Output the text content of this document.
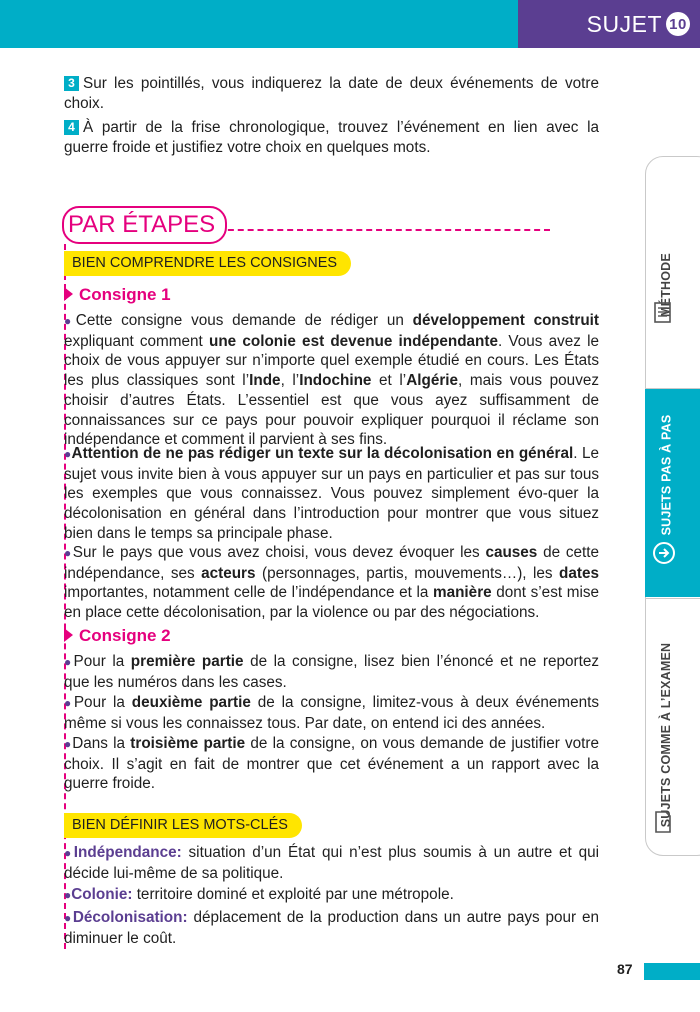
SUJET 10
3 Sur les pointillés, vous indiquerez la date de deux événements de votre choix.
4 À partir de la frise chronologique, trouvez l’événement en lien avec la guerre froide et justifiez votre choix en quelques mots.
PAR ÉTAPES
BIEN COMPRENDRE LES CONSIGNES
Consigne 1
●Cette consigne vous demande de rédiger un développement construit expliquant comment une colonie est devenue indépendante. Vous avez le choix de vous appuyer sur n’importe quel exemple étudié en cours. Les États les plus classiques sont l’Inde, l’Indochine et l’Algérie, mais vous pouvez choisir d’autres États. L’essentiel est que vous ayez suffisamment de connaissances sur ce pays pour pouvoir expliquer pourquoi il réclame son indépendance et comment il parvient à ses fins.
●Attention de ne pas rédiger un texte sur la décolonisation en général. Le sujet vous invite bien à vous appuyer sur un pays en particulier et pas sur tous les exemples que vous connaissez. Vous pouvez simplement évo-quer la décolonisation en général dans l’introduction pour montrer que vous situez bien dans le temps sa principale phase.
●Sur le pays que vous avez choisi, vous devez évoquer les causes de cette indépendance, ses acteurs (personnages, partis, mouvements…), les dates importantes, notamment celle de l’indépendance et la manière dont s’est mise en place cette décolonisation, par la violence ou par des négociations.
Consigne 2
●Pour la première partie de la consigne, lisez bien l’énoncé et ne reportez que les numéros dans les cases.
●Pour la deuxième partie de la consigne, limitez-vous à deux événements même si vous les connaissez tous. Par date, on entend ici des années.
●Dans la troisième partie de la consigne, on vous demande de justifier votre choix. Il s’agit en fait de montrer que cet événement a un rapport avec la guerre froide.
BIEN DÉFINIR LES MOTS-CLÉS
●Indépendance: situation d’un État qui n’est plus soumis à un autre et qui décide lui-même de sa politique.
●Colonie: territoire dominé et exploité par une métropole.
●Décolonisation: déplacement de la production dans un autre pays pour en diminuer le coût.
MÉTHODE
SUJETS PAS À PAS
SUJETS COMME À L’EXAMEN
87
